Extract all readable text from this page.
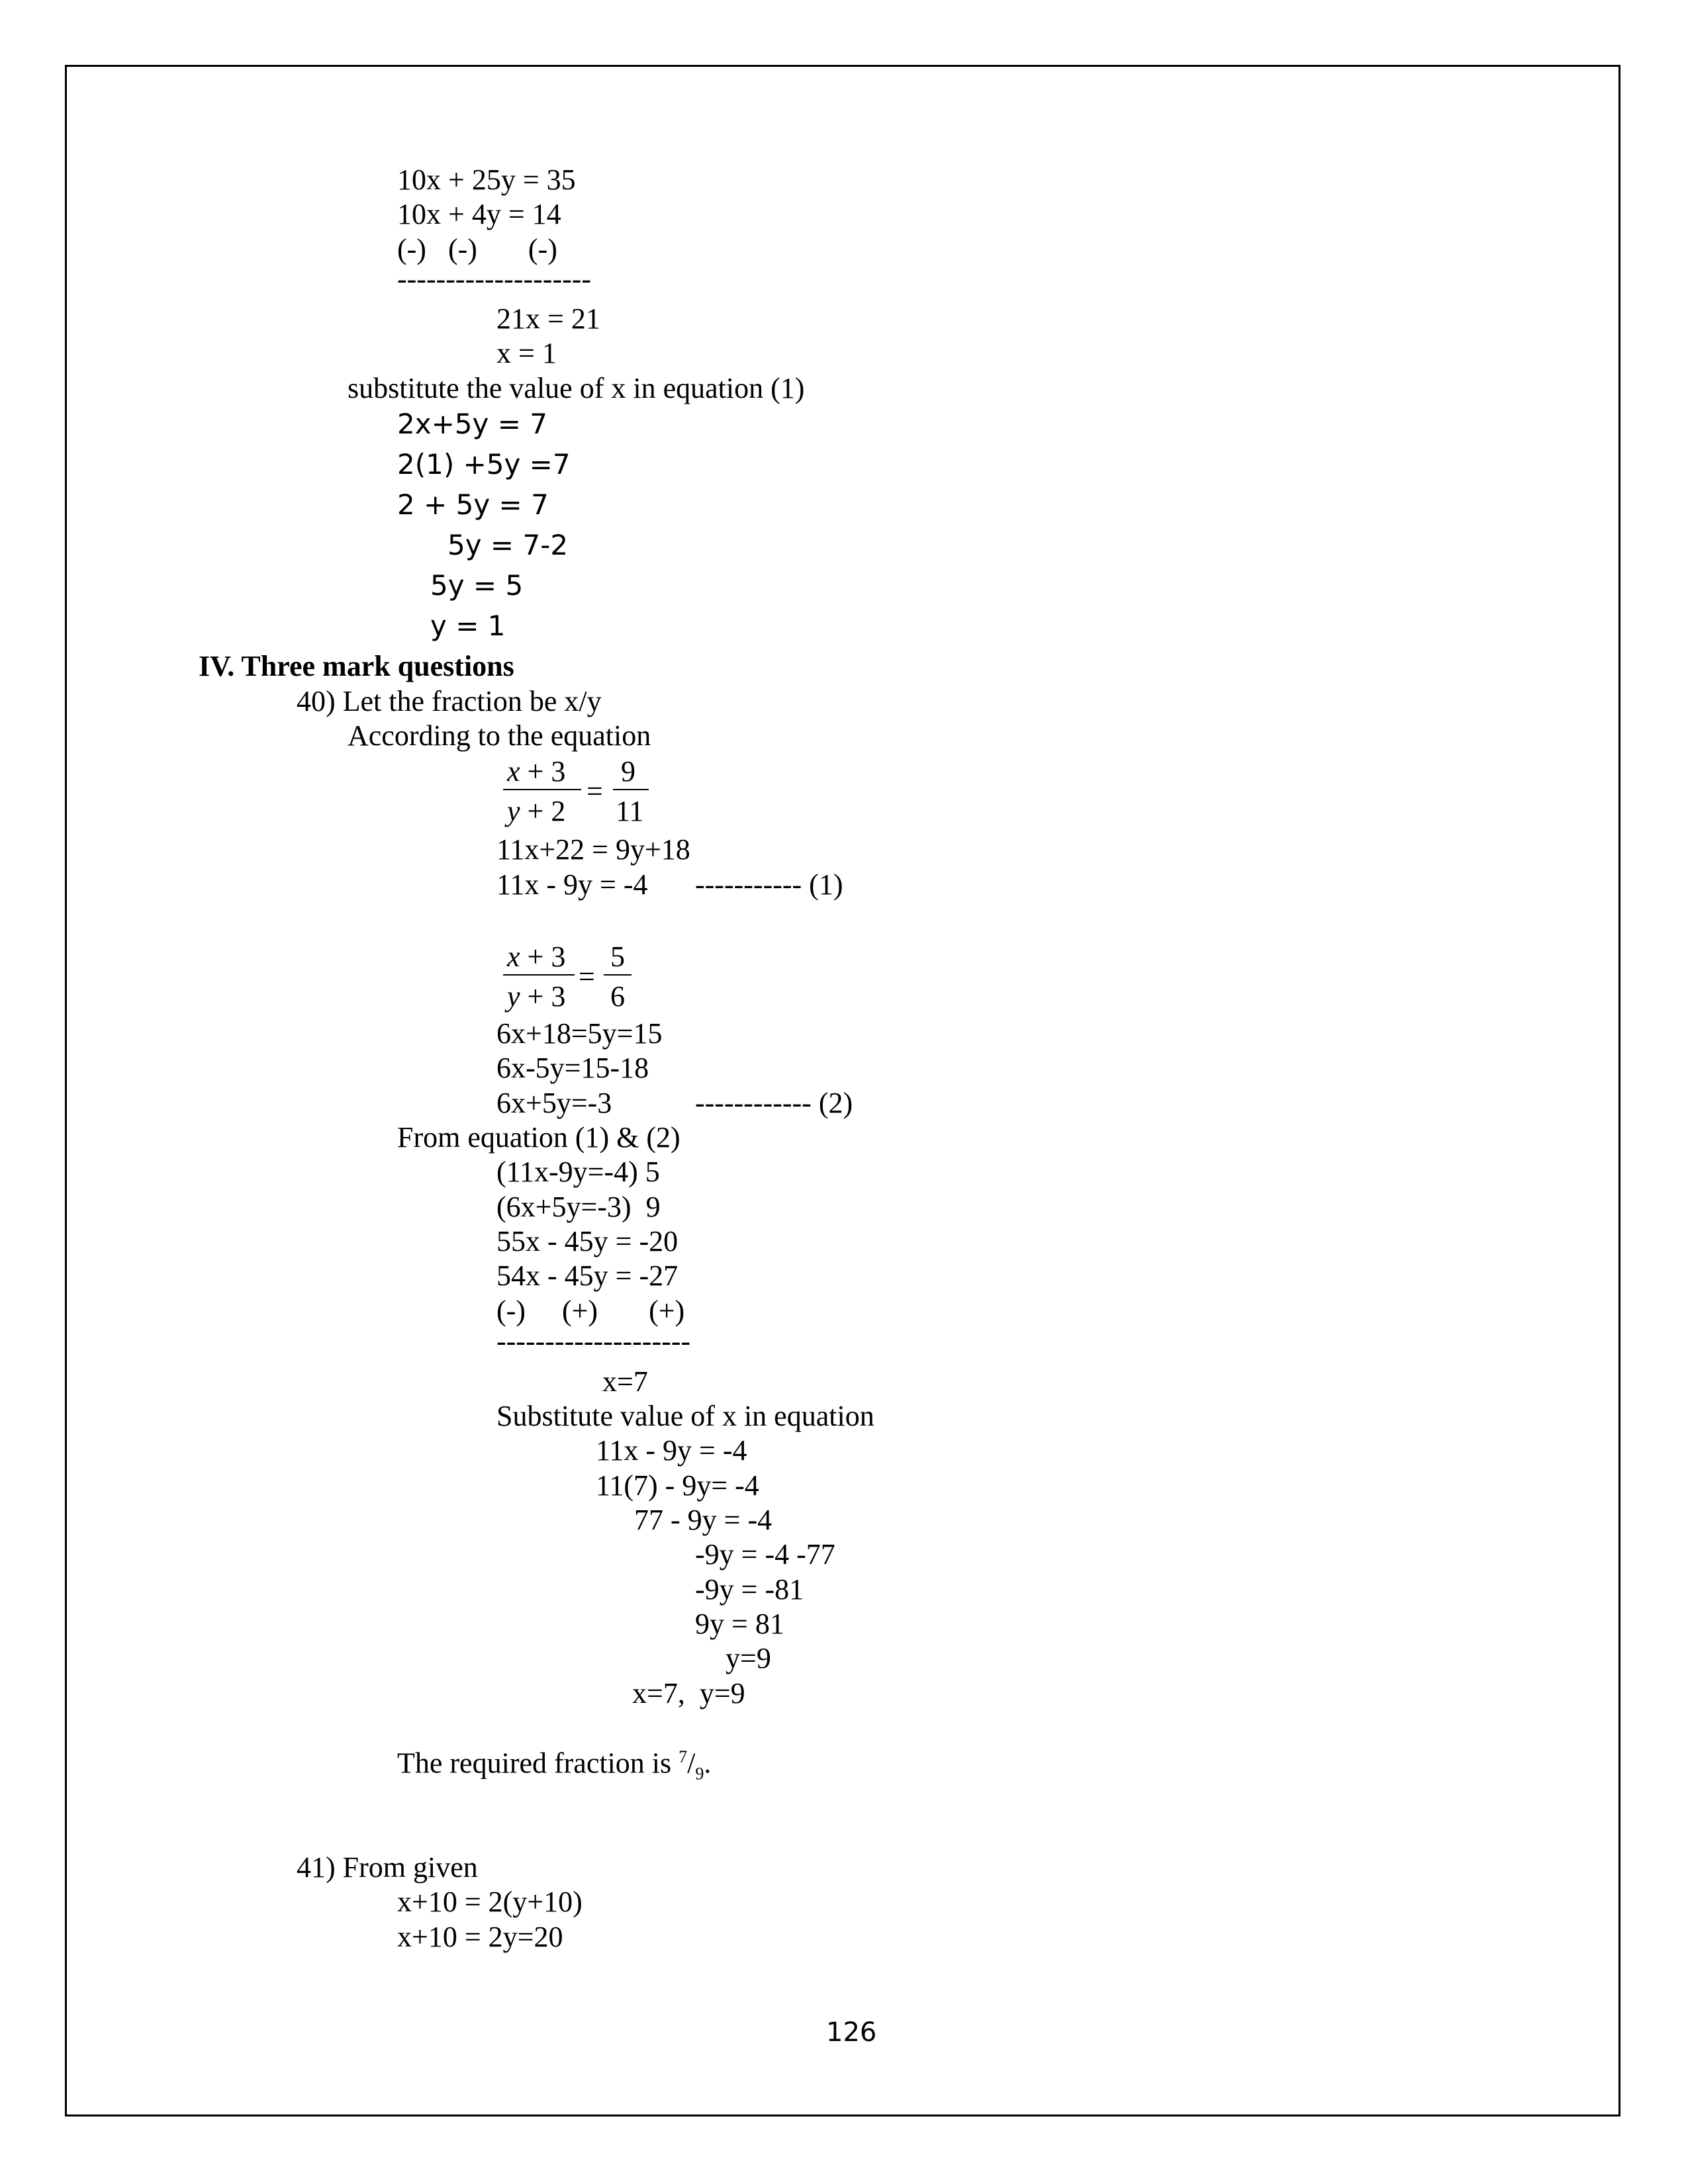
10x + 25y = 35
10x + 4y = 14
(-)   (-)       (-)
--------------------
21x = 21
x = 1
substitute the value of x in equation (1)
2x+5y = 7
2(1) +5y =7
2 + 5y = 7
5y = 7-2
5y = 5
y = 1
IV. Three mark questions
40) Let the fraction be x/y
According to the equation
x + 3
y + 2
=
9
11
11x+22 = 9y+18
11x - 9y = -4 ----------- (1)
x + 3
y + 3
=
5
6
6x+18=5y=15
6x-5y=15-18
6x+5y=-3	------------ (2)
From equation (1) & (2)
(11x-9y=-4) 5
(6x+5y=-3)  9
55x - 45y = -20
54x - 45y = -27
(-)     (+)       (+)
--------------------
x=7
Substitute value of x in equation
11x - 9y = -4
11(7) - 9y= -4
77 - 9y = -4
-9y = -4 -77
-9y = -81
9y = 81
y=9
x=7,  y=9
The required fraction is $^7/_9$.
41) From given
x+10 = 2(y+10)
x+10 = 2y=20
126
